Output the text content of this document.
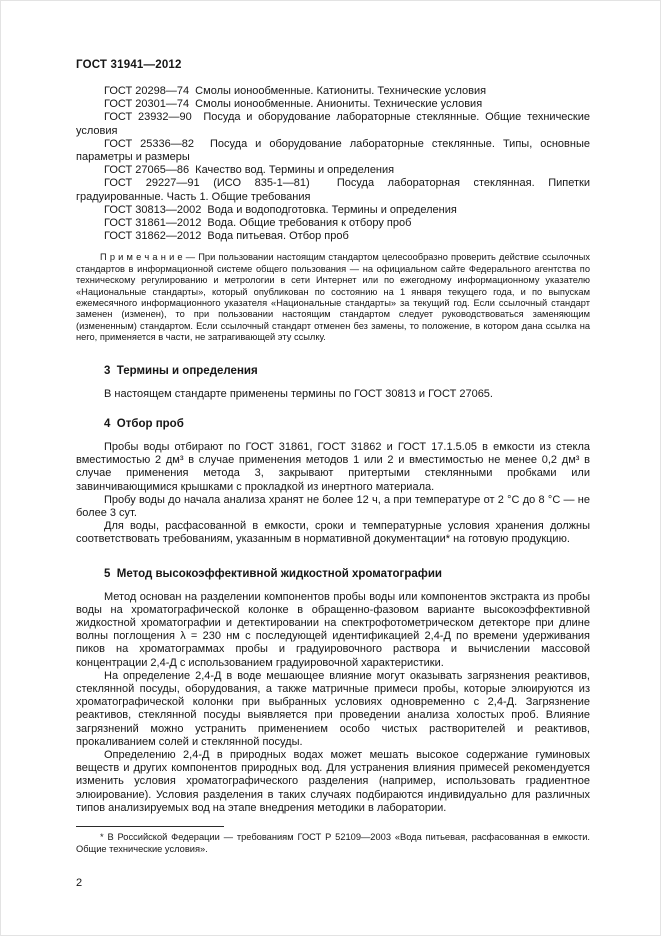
ГОСТ 31941—2012

ГОСТ 20298—74  Смолы ионообменные. Катиониты. Технические условия

ГОСТ 20301—74  Смолы ионообменные. Аниониты. Технические условия

ГОСТ 23932—90  Посуда и оборудование лабораторные стеклянные. Общие технические условия

ГОСТ 25336—82  Посуда и оборудование лабораторные стеклянные. Типы, основные параметры и размеры

ГОСТ 27065—86  Качество вод. Термины и определения

ГОСТ 29227—91 (ИСО 835-1—81)  Посуда лабораторная стеклянная. Пипетки градуированные. Часть 1. Общие требования

ГОСТ 30813—2002  Вода и водоподготовка. Термины и определения

ГОСТ 31861—2012  Вода. Общие требования к отбору проб

ГОСТ 31862—2012  Вода питьевая. Отбор проб

П р и м е ч а н и е — При пользовании настоящим стандартом целесообразно проверить действие ссылочных стандартов в информационной системе общего пользования — на официальном сайте Федерального агентства по техническому регулированию и метрологии в сети Интернет или по ежегодному информационному указателю «Национальные стандарты», который опубликован по состоянию на 1 января текущего года, и по выпускам ежемесячного информационного указателя «Национальные стандарты» за текущий год. Если ссылочный стандарт заменен (изменен), то при пользовании настоящим стандартом следует руководствоваться заменяющим (измененным) стандартом. Если ссылочный стандарт отменен без замены, то положение, в котором дана ссылка на него, применяется в части, не затрагивающей эту ссылку.

3  Термины и определения

В настоящем стандарте применены термины по ГОСТ 30813 и ГОСТ 27065.

4  Отбор проб

Пробы воды отбирают по ГОСТ 31861, ГОСТ 31862 и ГОСТ 17.1.5.05 в емкости из стекла вместимостью 2 дм³ в случае применения методов 1 или 2 и вместимостью не менее 0,2 дм³ в случае применения метода 3, закрывают притертыми стеклянными пробками или завинчивающимися крышками с прокладкой из инертного материала.

Пробу воды до начала анализа хранят не более 12 ч, а при температуре от 2 °С до 8 °С — не более 3 сут.

Для воды, расфасованной в емкости, сроки и температурные условия хранения должны соответствовать требованиям, указанным в нормативной документации* на готовую продукцию.

5  Метод высокоэффективной жидкостной хроматографии

Метод основан на разделении компонентов пробы воды или компонентов экстракта из пробы воды на хроматографической колонке в обращенно-фазовом варианте высокоэффективной жидкостной хроматографии и детектировании на спектрофотометрическом детекторе при длине волны поглощения λ = 230 нм с последующей идентификацией 2,4-Д по времени удерживания пиков на хроматограммах пробы и градуировочного раствора и вычислении массовой концентрации 2,4-Д с использованием градуировочной характеристики.

На определение 2,4-Д в воде мешающее влияние могут оказывать загрязнения реактивов, стеклянной посуды, оборудования, а также матричные примеси пробы, которые элюируются из хроматографической колонки при выбранных условиях одновременно с 2,4-Д. Загрязнение реактивов, стеклянной посуды выявляется при проведении анализа холостых проб. Влияние загрязнений можно устранить применением особо чистых растворителей и реактивов, прокаливанием солей и стеклянной посуды.

Определению 2,4-Д в природных водах может мешать высокое содержание гуминовых веществ и других компонентов природных вод. Для устранения влияния примесей рекомендуется изменить условия хроматографического разделения (например, использовать градиентное элюирование). Условия разделения в таких случаях подбираются индивидуально для различных типов анализируемых вод на этапе внедрения методики в лаборатории.

* В Российской Федерации — требованиям ГОСТ Р 52109—2003 «Вода питьевая, расфасованная в емкости. Общие технические условия».

2
